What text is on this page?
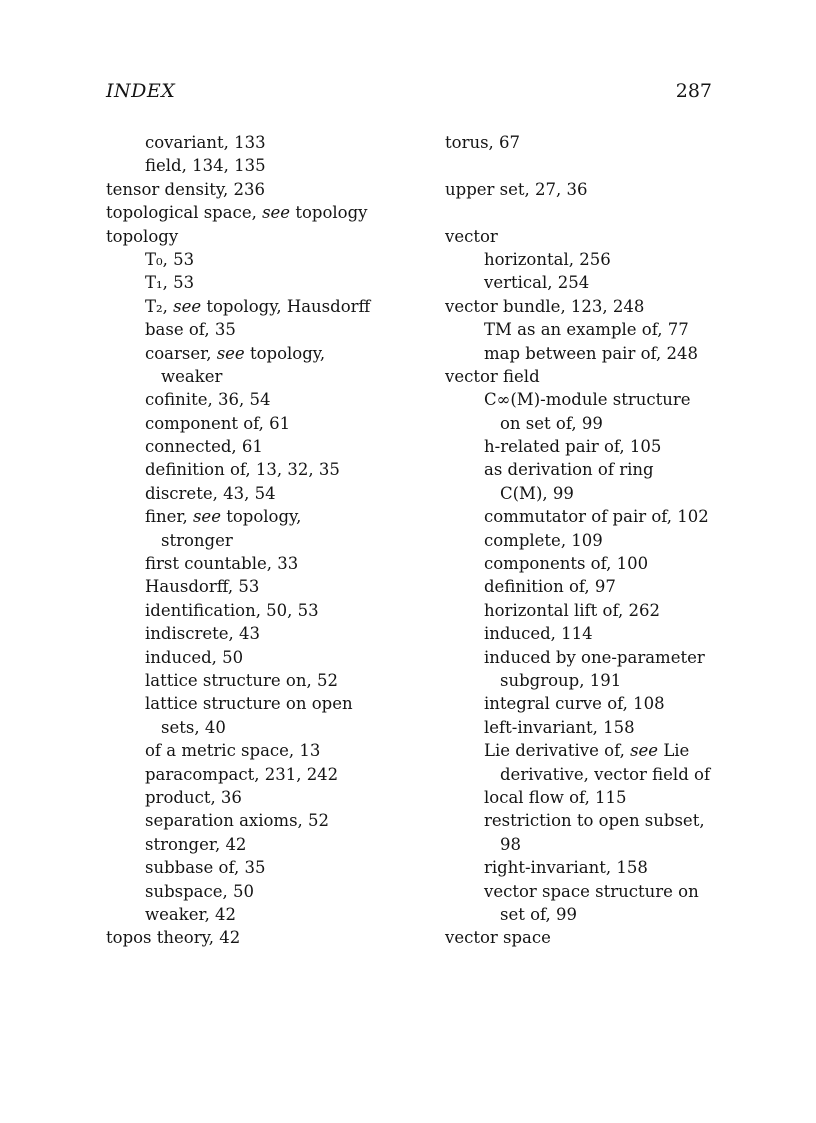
INDEX	287
covariant, 133
field, 134, 135
tensor density, 236
topological space, see topology
topology
T₀, 53
T₁, 53
T₂, see topology, Hausdorff
base of, 35
coarser, see topology,
weaker
cofinite, 36, 54
component of, 61
connected, 61
definition of, 13, 32, 35
discrete, 43, 54
finer, see topology,
stronger
first countable, 33
Hausdorff, 53
identification, 50, 53
indiscrete, 43
induced, 50
lattice structure on, 52
lattice structure on open
sets, 40
of a metric space, 13
paracompact, 231, 242
product, 36
separation axioms, 52
stronger, 42
subbase of, 35
subspace, 50
weaker, 42
topos theory, 42
torus, 67
upper set, 27, 36
vector
horizontal, 256
vertical, 254
vector bundle, 123, 248
TM as an example of, 77
map between pair of, 248
vector field
C∞(M)-module structure
on set of, 99
h-related pair of, 105
as derivation of ring
C(M), 99
commutator of pair of, 102
complete, 109
components of, 100
definition of, 97
horizontal lift of, 262
induced, 114
induced by one-parameter
subgroup, 191
integral curve of, 108
left-invariant, 158
Lie derivative of, see Lie
derivative, vector field of
local flow of, 115
restriction to open subset,
98
right-invariant, 158
vector space structure on
set of, 99
vector space
